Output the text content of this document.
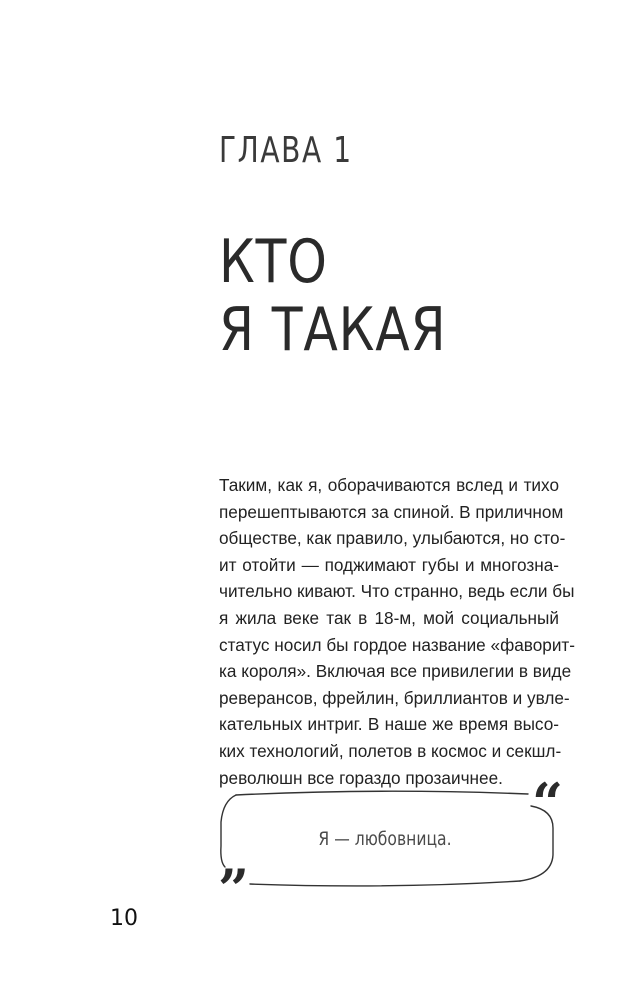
ГЛАВА 1
КТО
Я ТАКАЯ
Таким, как я, оборачиваются вслед и тихо
перешептываются за спиной. В приличном
обществе, как правило, улыбаются, но сто-
ит отойти — поджимают губы и многозна-
чительно кивают. Что странно, ведь если бы
я жила веке так в 18-м, мой социальный
статус носил бы гордое название «фаворит-
ка короля». Включая все привилегии в виде
реверансов, фрейлин, бриллиантов и увле-
кательных интриг. В наше же время высо-
ких технологий, полетов в космос и секшл-
революшн все гораздо прозаичнее. “
”

Я — любовница.

10
